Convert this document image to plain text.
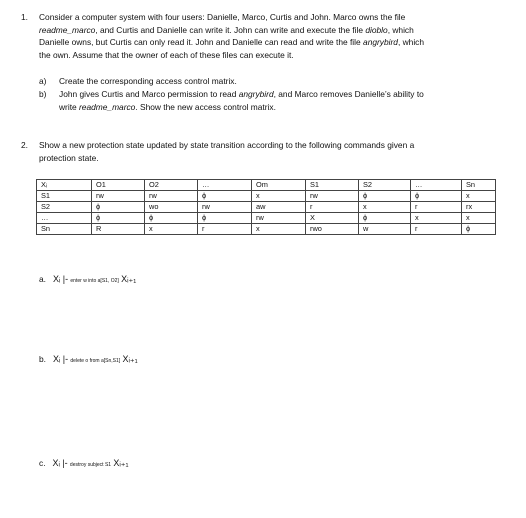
1. Consider a computer system with four users: Danielle, Marco, Curtis and John. Marco owns the file
readme_marco, and Curtis and Danielle can write it. John can write and execute the file dioblo, which
Danielle owns, but Curtis can only read it. John and Danielle can read and write the file angrybird, which
the own. Assume that the owner of each of these files can execute it.
a) Create the corresponding access control matrix.
b) John gives Curtis and Marco permission to read angrybird, and Marco removes Danielle’s ability to
write readme_marco. Show the new access control matrix.
2. Show a new protection state updated by state transition according to the following commands given a
protection state.
Xᵢ	O1	O2	…	Om	S1	S2	…	Sn
S1	rw	rw	ϕ	x	rw	ϕ	ϕ	x
S2	ϕ	wo	rw	aw	r	x	r	rx
…	ϕ	ϕ	ϕ	rw	X	ϕ	x	x
Sn	R	x	r	x	rwo	w	r	ϕ
a. Xᵢ |- enter w into a[S1, O2] Xᵢ₊₁
b. Xᵢ |- delete o from a[Sn,S1] Xᵢ₊₁
c. Xᵢ |- destroy subject S1 Xᵢ₊₁
